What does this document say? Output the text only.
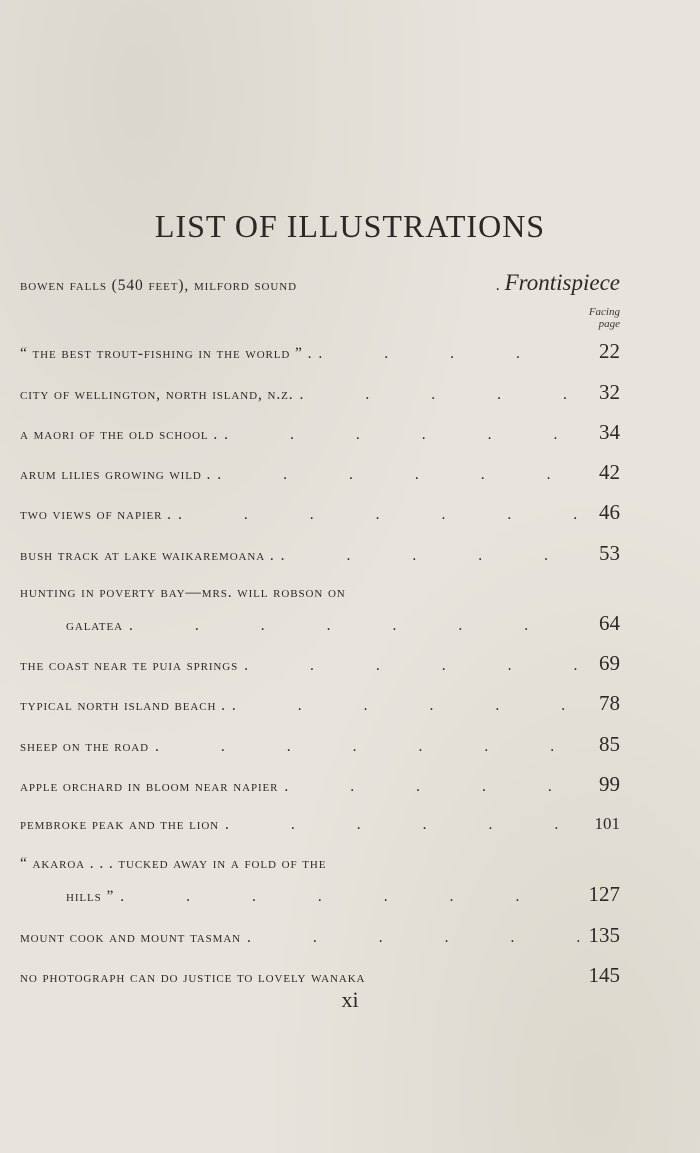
LIST OF ILLUSTRATIONS
bowen falls (540 feet), milford sound	. Frontispiece
Facing
page
“ the best trout-fishing in the world ” . .	22
city of wellington, north island, n.z. .	32
a maori of the old school . .	34
arum lilies growing wild . .	42
two views of napier . .	46
bush track at lake waikaremoana . .	53
hunting in poverty bay—mrs. will robson on
galatea .	64
the coast near te puia springs .	69
typical north island beach . .	78
sheep on the road .	85
apple orchard in bloom near napier .	99
pembroke peak and the lion .	101
“ akaroa . . . tucked away in a fold of the
hills ” .	127
mount cook and mount tasman .	135
no photograph can do justice to lovely wanaka	145
xi
